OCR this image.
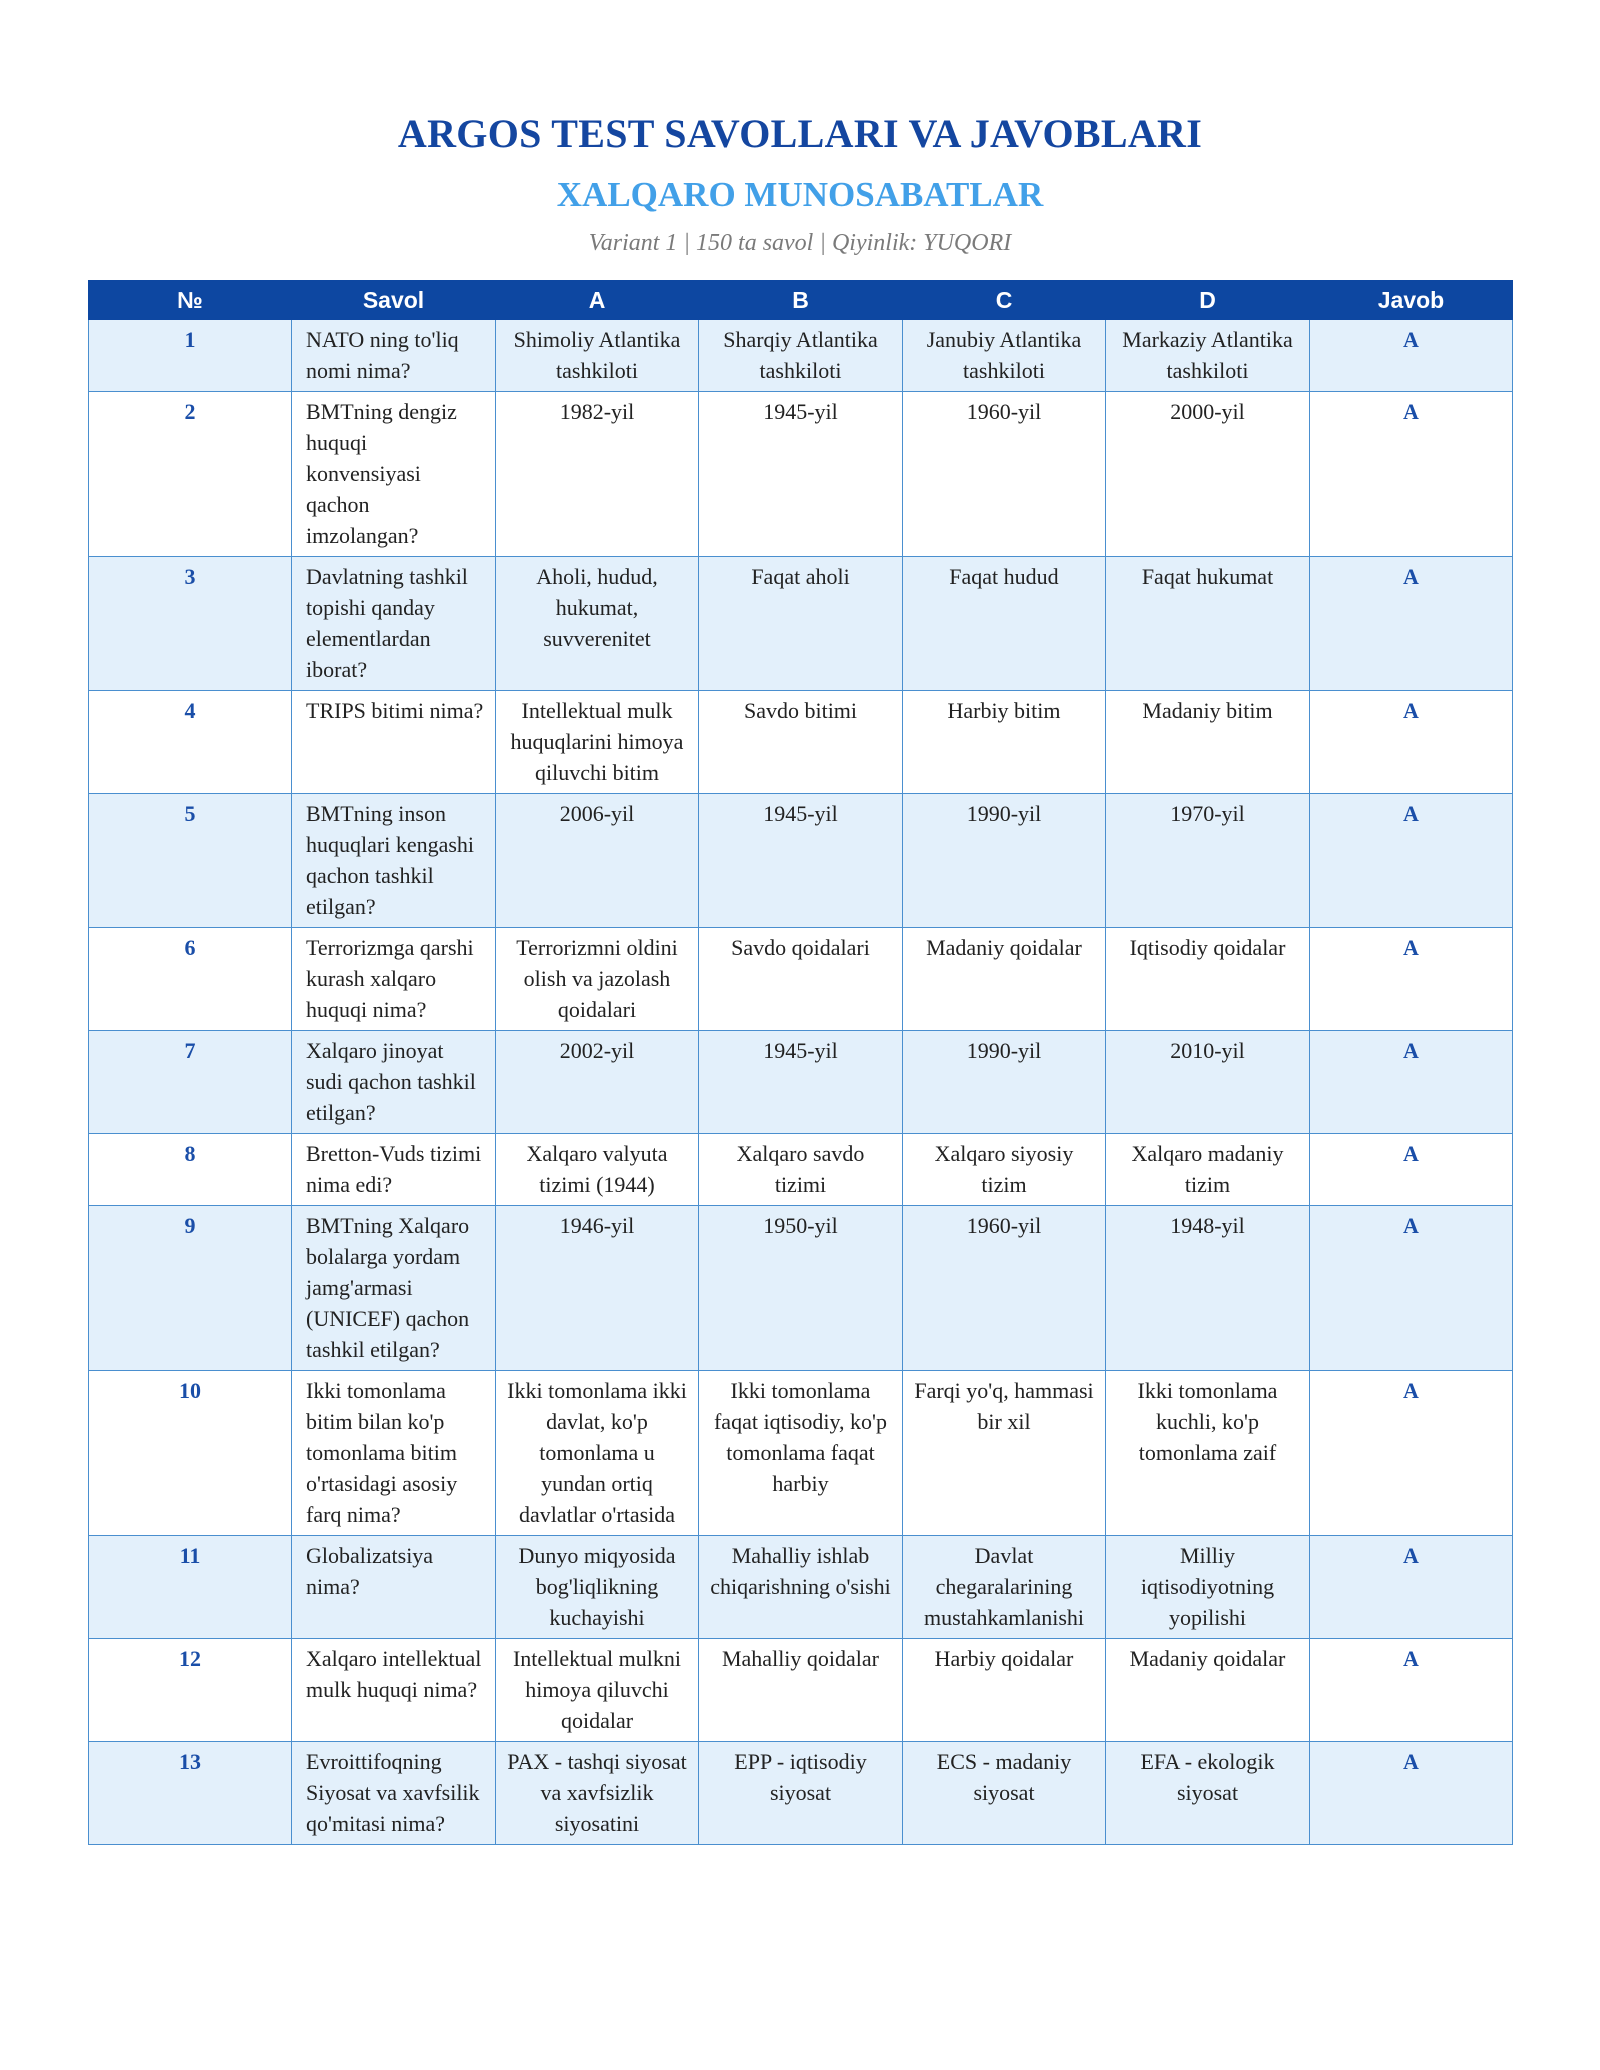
ARGOS TEST SAVOLLARI VA JAVOBLARI
XALQARO MUNOSABATLAR
Variant 1 | 150 ta savol | Qiyinlik: YUQORI
№	Savol	A	B	C	D	Javob
1	NATO ning to'liq nomi nima?	Shimoliy Atlantika tashkiloti	Sharqiy Atlantika tashkiloti	Janubiy Atlantika tashkiloti	Markaziy Atlantika tashkiloti	A
2	BMTning dengiz huquqi konvensiyasi qachon imzolangan?	1982-yil	1945-yil	1960-yil	2000-yil	A
3	Davlatning tashkil topishi qanday elementlardan iborat?	Aholi, hudud, hukumat, suvverenitet	Faqat aholi	Faqat hudud	Faqat hukumat	A
4	TRIPS bitimi nima?	Intellektual mulk huquqlarini himoya qiluvchi bitim	Savdo bitimi	Harbiy bitim	Madaniy bitim	A
5	BMTning inson huquqlari kengashi qachon tashkil etilgan?	2006-yil	1945-yil	1990-yil	1970-yil	A
6	Terrorizmga qarshi kurash xalqaro huquqi nima?	Terrorizmni oldini olish va jazolash qoidalari	Savdo qoidalari	Madaniy qoidalar	Iqtisodiy qoidalar	A
7	Xalqaro jinoyat sudi qachon tashkil etilgan?	2002-yil	1945-yil	1990-yil	2010-yil	A
8	Bretton-Vuds tizimi nima edi?	Xalqaro valyuta tizimi (1944)	Xalqaro savdo tizimi	Xalqaro siyosiy tizim	Xalqaro madaniy tizim	A
9	BMTning Xalqaro bolalarga yordam jamg'armasi (UNICEF) qachon tashkil etilgan?	1946-yil	1950-yil	1960-yil	1948-yil	A
10	Ikki tomonlama bitim bilan ko'p tomonlama bitim o'rtasidagi asosiy farq nima?	Ikki tomonlama ikki davlat, ko'p tomonlama u yundan ortiq davlatlar o'rtasida	Ikki tomonlama faqat iqtisodiy, ko'p tomonlama faqat harbiy	Farqi yo'q, hammasi bir xil	Ikki tomonlama kuchli, ko'p tomonlama zaif	A
11	Globalizatsiya nima?	Dunyo miqyosida bog'liqlikning kuchayishi	Mahalliy ishlab chiqarishning o'sishi	Davlat chegaralarining mustahkamlanishi	Milliy iqtisodiyotning yopilishi	A
12	Xalqaro intellektual mulk huquqi nima?	Intellektual mulkni himoya qiluvchi qoidalar	Mahalliy qoidalar	Harbiy qoidalar	Madaniy qoidalar	A
13	Evroittifoqning Siyosat va xavfsilik qo'mitasi nima?	PAX - tashqi siyosat va xavfsizlik siyosatini	EPP - iqtisodiy siyosat	ECS - madaniy siyosat	EFA - ekologik siyosat	A
